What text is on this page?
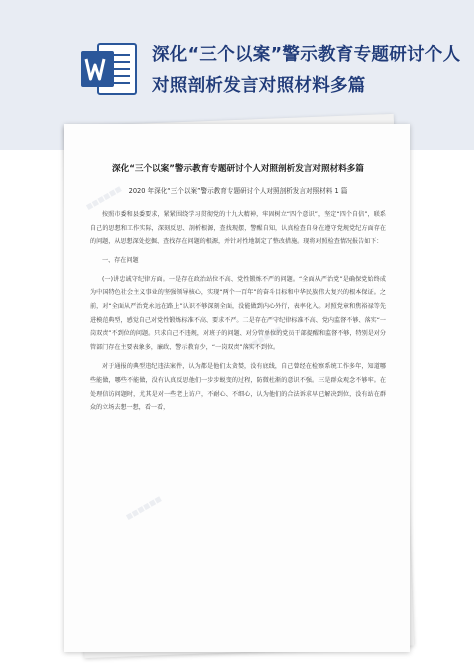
深化“三个以案”警示教育专题研讨个人对照剖析发言对照材料多篇
■■■■■■
■■■■■■
■■■■■■
深化“三个以案”警示教育专题研讨个人对照剖析发言对照材料多篇
2020 年深化“三个以案”警示教育专题研讨个人对照剖析发言对照材料 1 篇

按照市委和县委要求，紧紧围绕学习贯彻党的十九大精神，牢固树立“四个意识”，坚定“四个自信”，联系自己的思想和工作实际，深刻反思、剖析根源，查找现摆，警醒自知，认真检查自身在遵守党规党纪方面存在的问题，从思想深处挖掘、查找存在问题的根源，并针对性地制定了整改措施。现将对照检查情况报告如下：

一、存在问题

(一)讲忠诚守纪律方面。一是存在政治站位不高、党性锻炼不严的问题。“全面从严治党”是确保党始终成为中国特色社会主义事业的坚强领导核心，实现“两个一百年”的奋斗目标和中华民族伟大复兴的根本保证。之前，对“全面从严治党永远在路上”认识不够深刻全面，没能做到内心外行，表率化入。对照党章和焦裕禄等先进模范典型，感觉自己对党性锻炼标准不高、要求不严。二是存在严守纪律标准不高、党内监督不够、落实“一岗双责”不到位的问题。只求自己不违规，对班子的问题、对分管单位的党员干部提醒和监督不够，特别是对分管部门存在主要表象多，廉政、警示教育少，“一岗双责”落实不到位。

对于通报的典型违纪违法案件，认为都是他们太贪婪，没有底线，自己曾经在检察系统工作多年，知道哪些能做，哪些不能做，没有认真反思他们一步步蜕变的过程，防微杜渐的意识不强。三是群众观念不够牢。在处理信访问题时，尤其是对一些老上访户，不耐心、不细心，认为他们的合法诉求早已解决到位，没有站在群众的立场去想一想，看一看，
